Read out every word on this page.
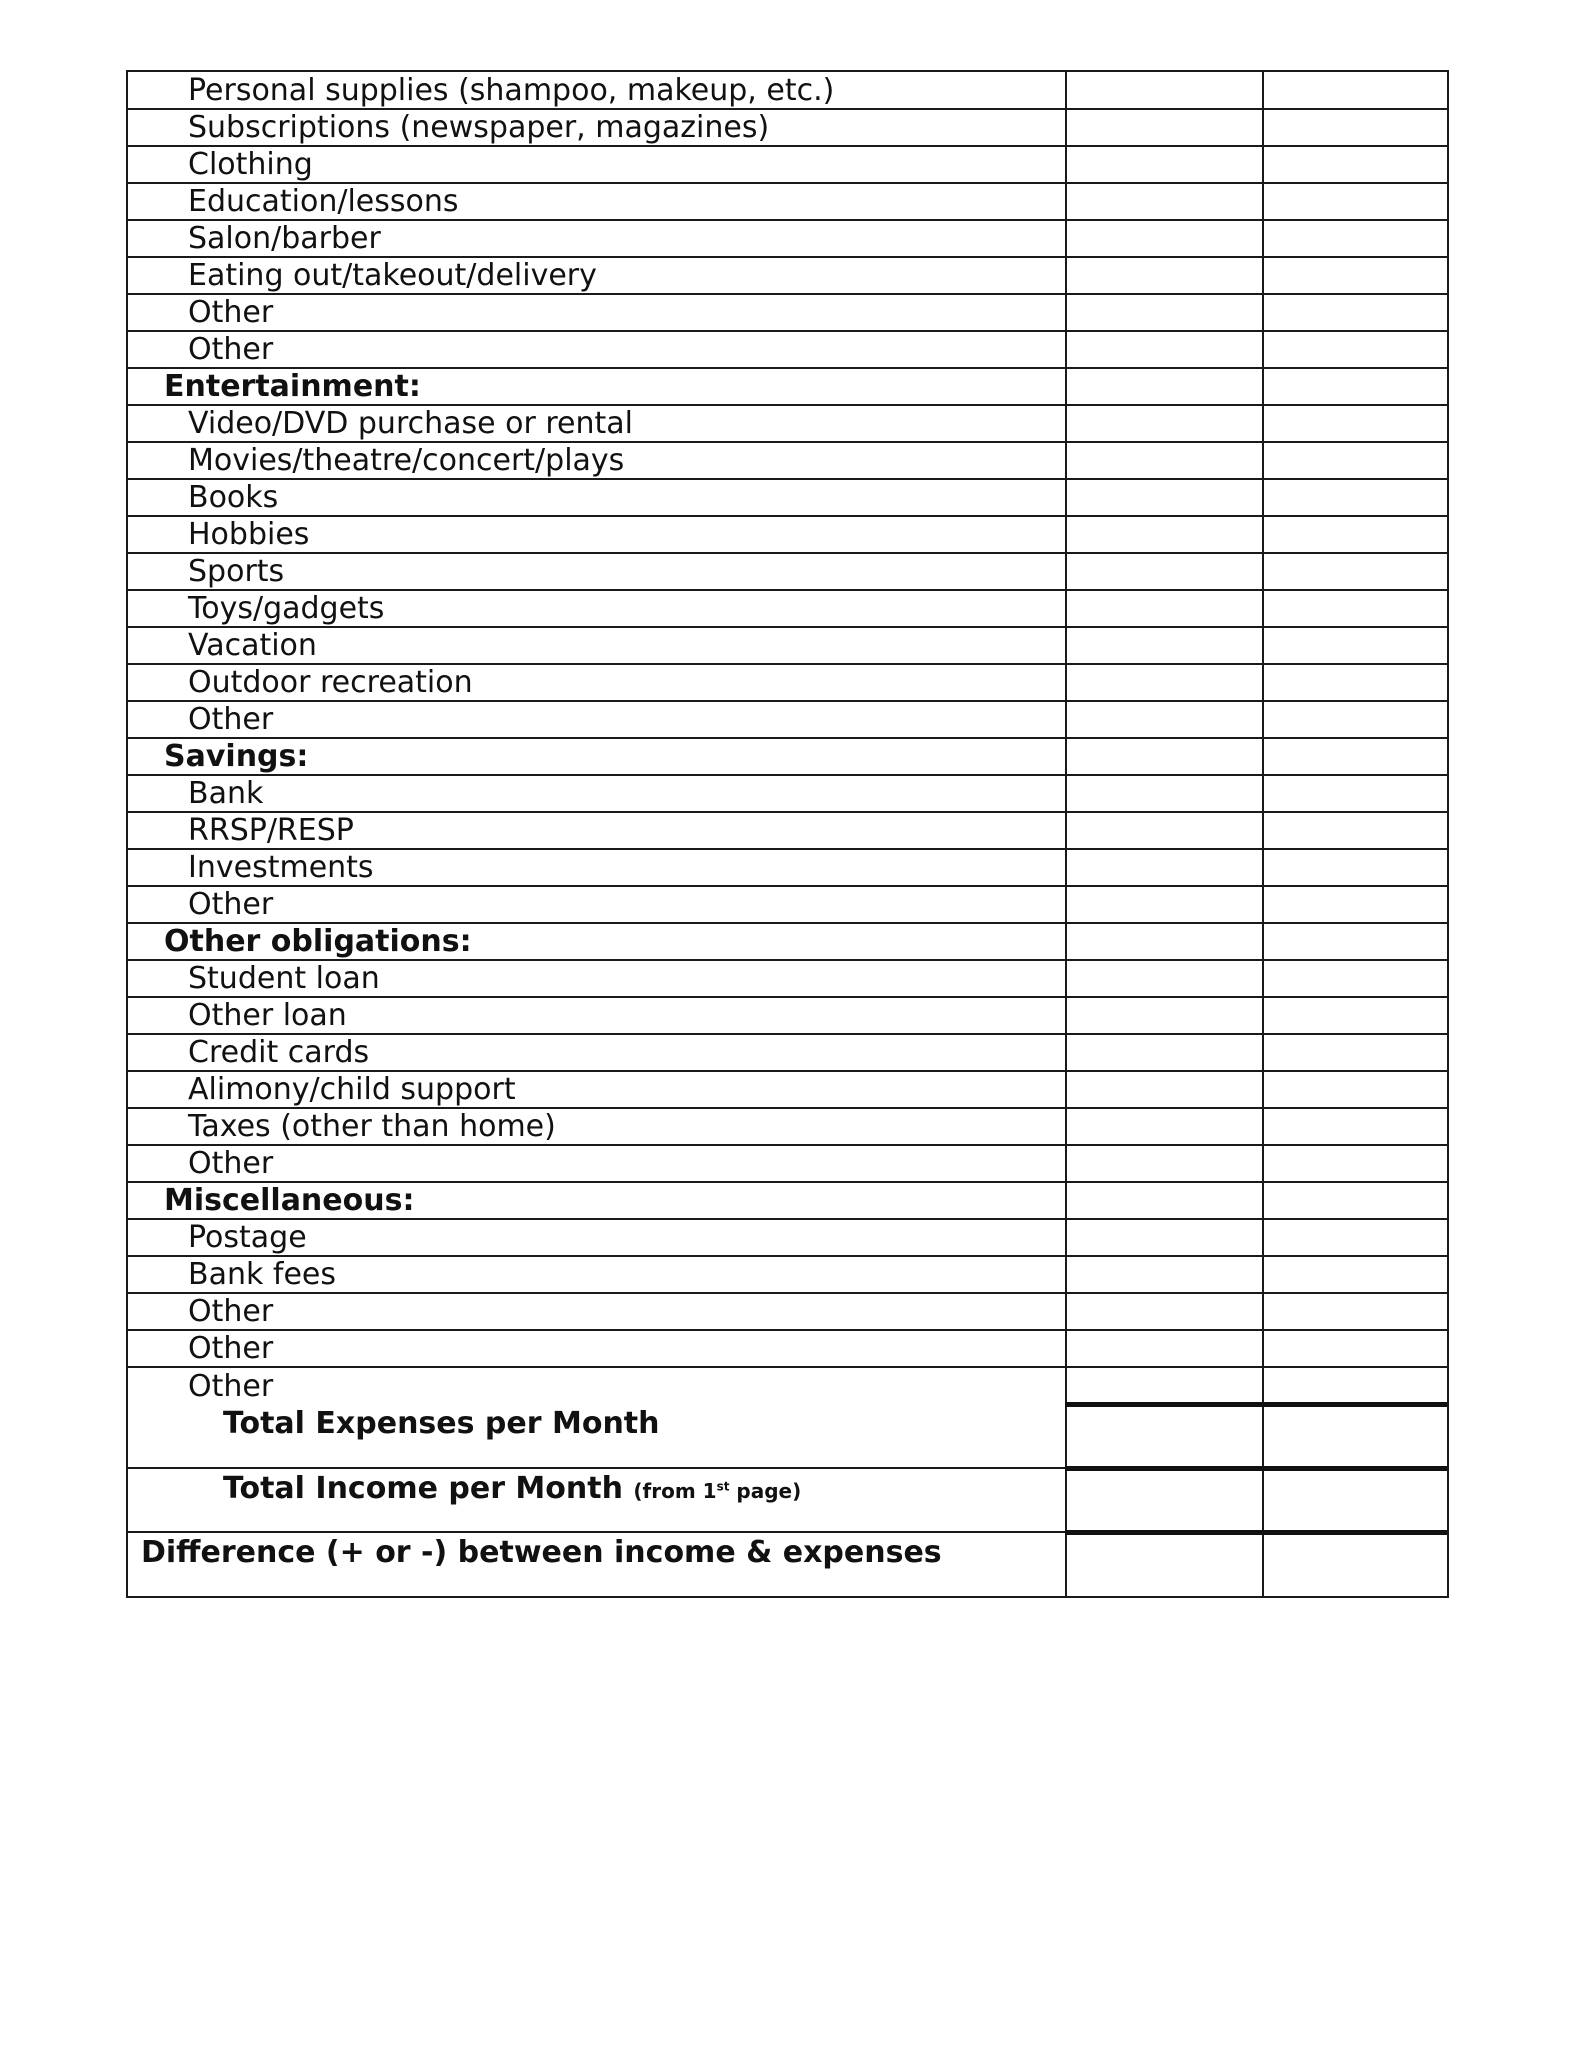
Personal supplies (shampoo, makeup, etc.)		
Subscriptions (newspaper, magazines)		
Clothing		
Education/lessons		
Salon/barber		
Eating out/takeout/delivery		
Other		
Other		
Entertainment:		
Video/DVD purchase or rental		
Movies/theatre/concert/plays		
Books		
Hobbies		
Sports		
Toys/gadgets		
Vacation		
Outdoor recreation		
Other		
Savings:		
Bank		
RRSP/RESP		
Investments		
Other		
Other obligations:		
Student loan		
Other loan		
Credit cards		
Alimony/child support		
Taxes (other than home)		
Other		
Miscellaneous:		
Postage		
Bank fees		
Other		
Other		
Other		
Total Expenses per Month		
Total Income per Month (from 1st page)		
Difference (+ or -) between income & expenses		
